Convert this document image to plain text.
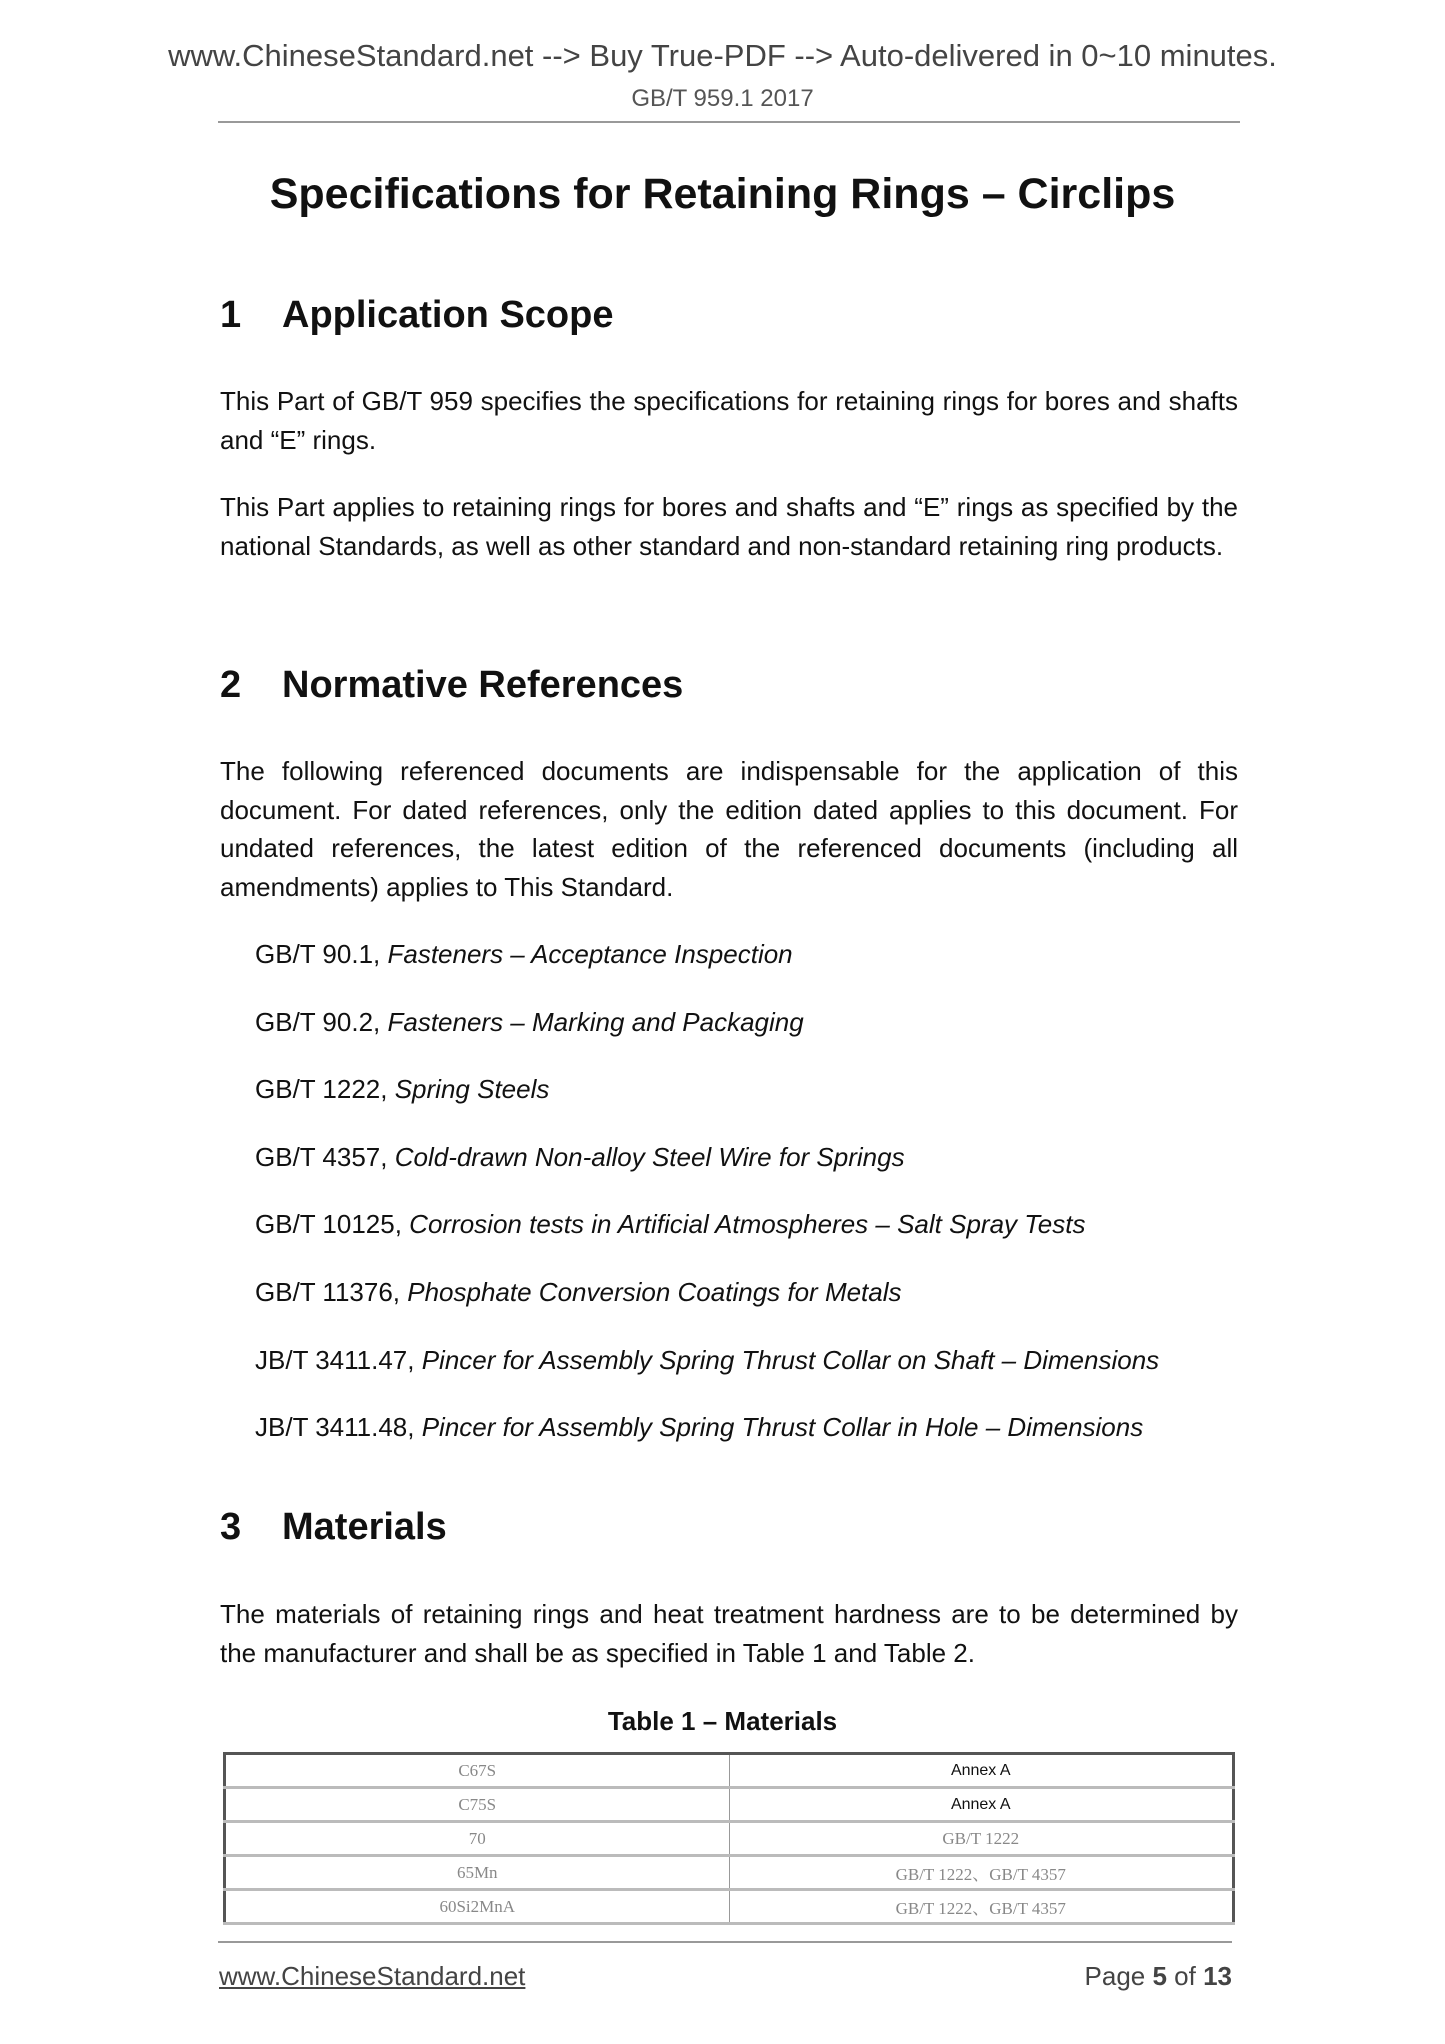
www.ChineseStandard.net --> Buy True-PDF --> Auto-delivered in 0~10 minutes.
GB/T 959.1 2017
Specifications for Retaining Rings – Circlips
1 Application Scope
This Part of GB/T 959 specifies the specifications for retaining rings for bores and shafts and “E” rings.
This Part applies to retaining rings for bores and shafts and “E” rings as specified by the national Standards, as well as other standard and non-standard retaining ring products.
2 Normative References
The following referenced documents are indispensable for the application of this document. For dated references, only the edition dated applies to this document. For undated references, the latest edition of the referenced documents (including all amendments) applies to This Standard.
GB/T 90.1, Fasteners – Acceptance Inspection
GB/T 90.2, Fasteners – Marking and Packaging
GB/T 1222, Spring Steels
GB/T 4357, Cold-drawn Non-alloy Steel Wire for Springs
GB/T 10125, Corrosion tests in Artificial Atmospheres – Salt Spray Tests
GB/T 11376, Phosphate Conversion Coatings for Metals
JB/T 3411.47, Pincer for Assembly Spring Thrust Collar on Shaft – Dimensions
JB/T 3411.48, Pincer for Assembly Spring Thrust Collar in Hole – Dimensions
3 Materials
The materials of retaining rings and heat treatment hardness are to be determined by the manufacturer and shall be as specified in Table 1 and Table 2.
Table 1 – Materials
C67S	Annex A
C75S	Annex A
70	GB/T 1222
65Mn	GB/T 1222、GB/T 4357
60Si2MnA	GB/T 1222、GB/T 4357
www.ChineseStandard.net	Page 5 of 13
